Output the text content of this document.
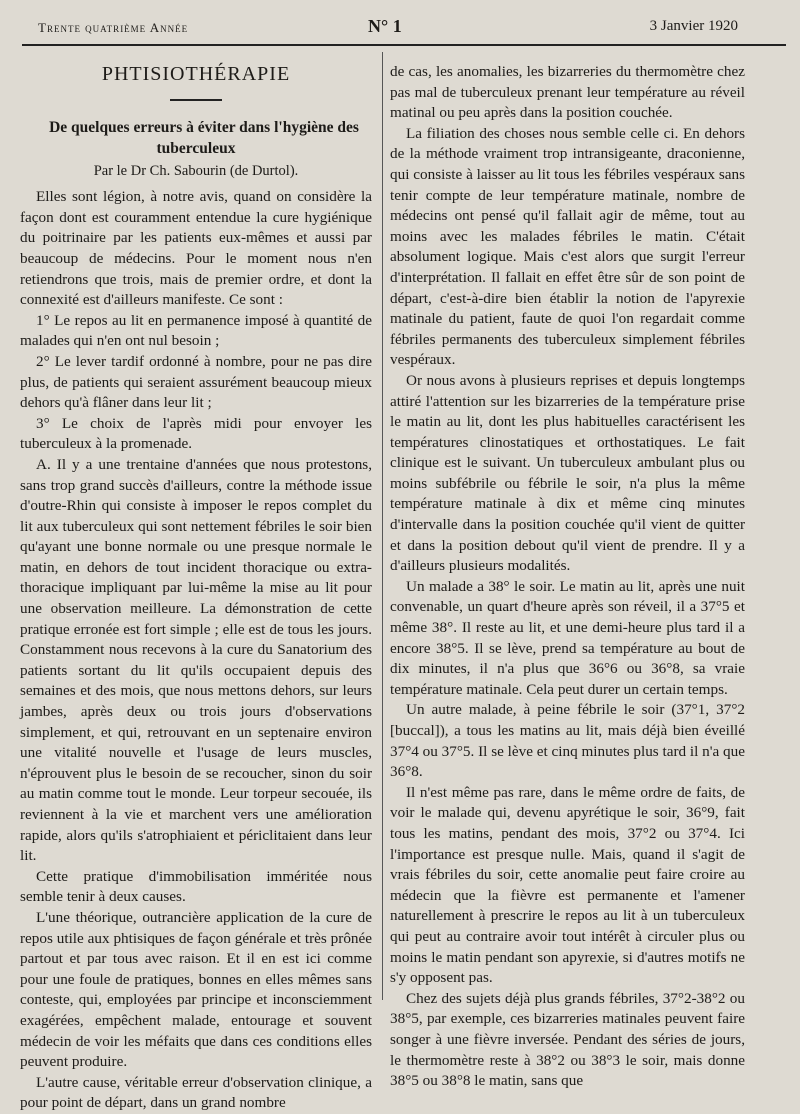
Trente quatrième Année	N° 1	3 Janvier 1920
PHTISIOTHÉRAPIE

De quelques erreurs à éviter dans l'hygiène des tuberculeux

Par le Dr Ch. Sabourin (de Durtol).

Elles sont légion, à notre avis, quand on considère la façon dont est couramment entendue la cure hygiénique du poitrinaire par les patients eux-mêmes et aussi par beaucoup de médecins. Pour le moment nous n'en retiendrons que trois, mais de premier ordre, et dont la connexité est d'ailleurs manifeste. Ce sont :

1° Le repos au lit en permanence imposé à quantité de malades qui n'en ont nul besoin ;

2° Le lever tardif ordonné à nombre, pour ne pas dire plus, de patients qui seraient assurément beaucoup mieux dehors qu'à flâner dans leur lit ;

3° Le choix de l'après midi pour envoyer les tuberculeux à la promenade.

A. Il y a une trentaine d'années que nous protestons, sans trop grand succès d'ailleurs, contre la méthode issue d'outre-Rhin qui consiste à imposer le repos complet du lit aux tuberculeux qui sont nettement fébriles le soir bien qu'ayant une bonne normale ou une presque normale le matin, en dehors de tout incident thoracique ou extra-thoracique impliquant par lui-même la mise au lit pour une observation meilleure. La démonstration de cette pratique erronée est fort simple ; elle est de tous les jours. Constamment nous recevons à la cure du Sanatorium des patients sortant du lit qu'ils occupaient depuis des semaines et des mois, que nous mettons dehors, sur leurs jambes, après deux ou trois jours d'observations simplement, et qui, retrouvant en un septenaire environ une vitalité nouvelle et l'usage de leurs muscles, n'éprouvent plus le besoin de se recoucher, sinon du soir au matin comme tout le monde. Leur torpeur secouée, ils reviennent à la vie et marchent vers une amélioration rapide, alors qu'ils s'atrophiaient et périclitaient dans leur lit.

Cette pratique d'immobilisation imméritée nous semble tenir à deux causes.

L'une théorique, outrancière application de la cure de repos utile aux phtisiques de façon générale et très prônée partout et par tous avec raison. Et il en est ici comme pour une foule de pratiques, bonnes en elles mêmes sans conteste, qui, employées par principe et inconsciemment exagérées, empêchent malade, entourage et souvent médecin de voir les méfaits que dans ces conditions elles peuvent produire.

L'autre cause, véritable erreur d'observation clinique, a pour point de départ, dans un grand nombre

de cas, les anomalies, les bizarreries du thermomètre chez pas mal de tuberculeux prenant leur température au réveil matinal ou peu après dans la position couchée.

La filiation des choses nous semble celle ci. En dehors de la méthode vraiment trop intransigeante, draconienne, qui consiste à laisser au lit tous les fébriles vespéraux sans tenir compte de leur température matinale, nombre de médecins ont pensé qu'il fallait agir de même, tout au moins avec les malades fébriles le matin. C'était absolument logique. Mais c'est alors que surgit l'erreur d'interprétation. Il fallait en effet être sûr de son point de départ, c'est-à-dire bien établir la notion de l'apyrexie matinale du patient, faute de quoi l'on regardait comme fébriles permanents des tuberculeux simplement fébriles vespéraux.

Or nous avons à plusieurs reprises et depuis longtemps attiré l'attention sur les bizarreries de la température prise le matin au lit, dont les plus habituelles caractérisent les températures clinostatiques et orthostatiques. Le fait clinique est le suivant. Un tuberculeux ambulant plus ou moins subfébrile ou fébrile le soir, n'a plus la même température matinale à dix et même cinq minutes d'intervalle dans la position couchée qu'il vient de quitter et dans la position debout qu'il vient de prendre. Il y a d'ailleurs plusieurs modalités.

Un malade a 38° le soir. Le matin au lit, après une nuit convenable, un quart d'heure après son réveil, il a 37°5 et même 38°. Il reste au lit, et une demi-heure plus tard il a encore 38°5. Il se lève, prend sa température au bout de dix minutes, il n'a plus que 36°6 ou 36°8, sa vraie température matinale. Cela peut durer un certain temps.

Un autre malade, à peine fébrile le soir (37°1, 37°2 [buccal]), a tous les matins au lit, mais déjà bien éveillé 37°4 ou 37°5. Il se lève et cinq minutes plus tard il n'a que 36°8.

Il n'est même pas rare, dans le même ordre de faits, de voir le malade qui, devenu apyrétique le soir, 36°9, fait tous les matins, pendant des mois, 37°2 ou 37°4. Ici l'importance est presque nulle. Mais, quand il s'agit de vrais fébriles du soir, cette anomalie peut faire croire au médecin que la fièvre est permanente et l'amener naturellement à prescrire le repos au lit à un tuberculeux qui peut au contraire avoir tout intérêt à circuler plus ou moins le matin pendant son apyrexie, si d'autres motifs ne s'y opposent pas.

Chez des sujets déjà plus grands fébriles, 37°2-38°2 ou 38°5, par exemple, ces bizarreries matinales peuvent faire songer à une fièvre inversée. Pendant des séries de jours, le thermomètre reste à 38°2 ou 38°3 le soir, mais donne 38°5 ou 38°8 le matin, sans que
